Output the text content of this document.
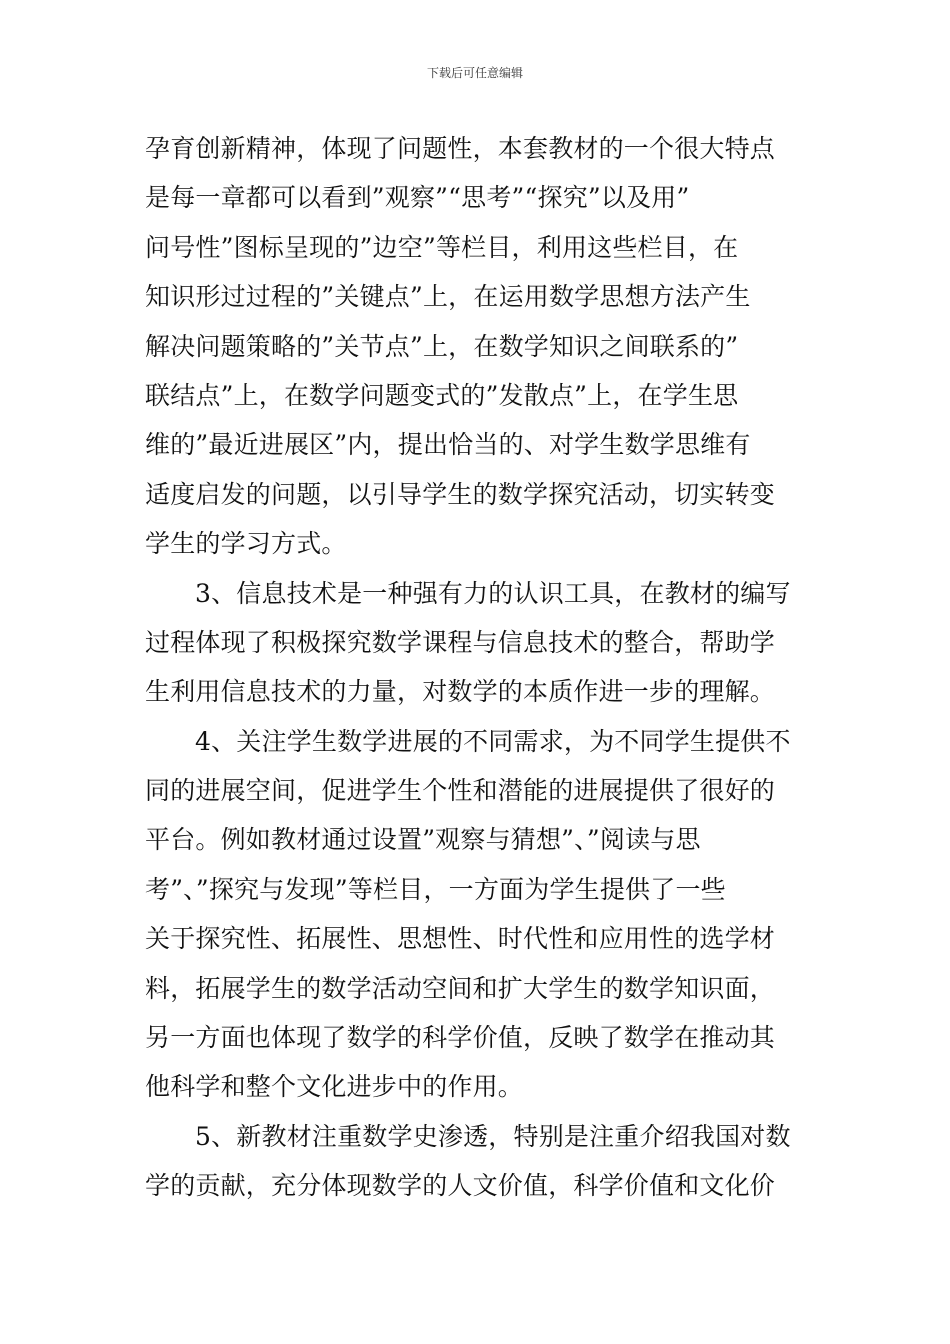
下载后可任意编辑
孕育创新精神，体现了问题性，本套教材的一个很大特点
是每一章都可以看到”观察”“思考”“探究”以及用”
问号性”图标呈现的”边空”等栏目，利用这些栏目，在
知识形过过程的”关键点”上，在运用数学思想方法产生
解决问题策略的”关节点”上，在数学知识之间联系的”
联结点”上，在数学问题变式的”发散点”上，在学生思
维的”最近进展区”内，提出恰当的、对学生数学思维有
适度启发的问题，以引导学生的数学探究活动，切实转变
学生的学习方式。
3、信息技术是一种强有力的认识工具，在教材的编写
过程体现了积极探究数学课程与信息技术的整合，帮助学
生利用信息技术的力量，对数学的本质作进一步的理解。
4、关注学生数学进展的不同需求，为不同学生提供不
同的进展空间，促进学生个性和潜能的进展提供了很好的
平台。例如教材通过设置”观察与猜想”、”阅读与思
考”、”探究与发现”等栏目，一方面为学生提供了一些
关于探究性、拓展性、思想性、时代性和应用性的选学材
料，拓展学生的数学活动空间和扩大学生的数学知识面，
另一方面也体现了数学的科学价值，反映了数学在推动其
他科学和整个文化进步中的作用。
5、新教材注重数学史渗透，特别是注重介绍我国对数
学的贡献，充分体现数学的人文价值，科学价值和文化价
